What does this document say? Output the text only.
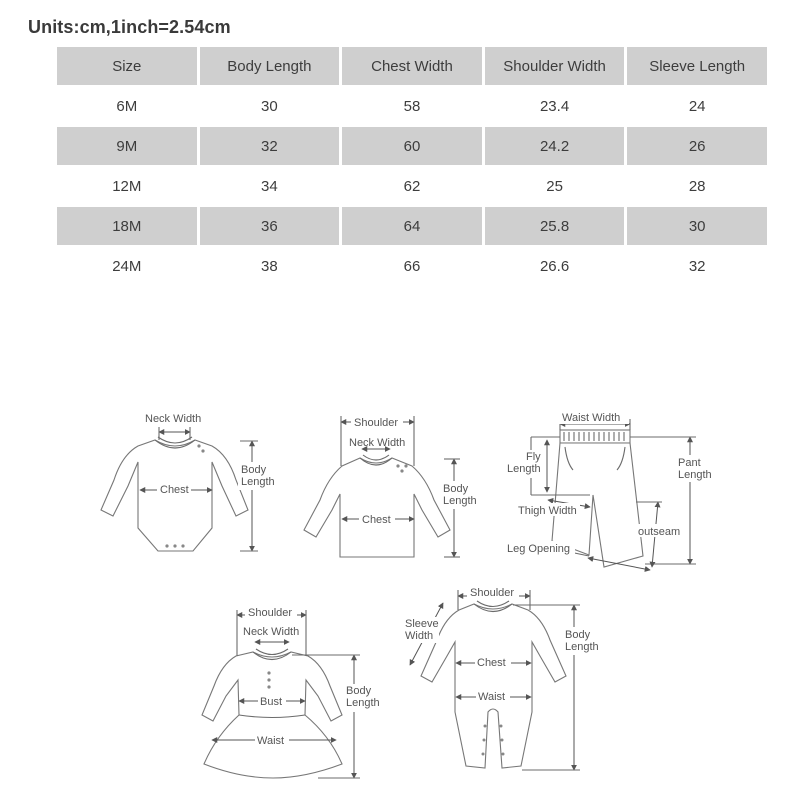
Units:cm,1inch=2.54cm
Size	Body Length	Chest Width	Shoulder Width	Sleeve Length
6M	30	58	23.4	24
9M	32	60	24.2	26
12M	34	62	25	28
18M	36	64	25.8	30
24M	38	66	26.6	32
Neck Width
Chest
Body
Length
Shoulder
Neck Width
Chest
Body
Length
Waist Width
Fly
Length	Pant
Length
Thigh Width
outseam
Leg Opening
Shoulder
Neck Width
Bust
Waist
Body
Length
Shoulder
Sleeve
Width
Chest
Waist
Body
Length
